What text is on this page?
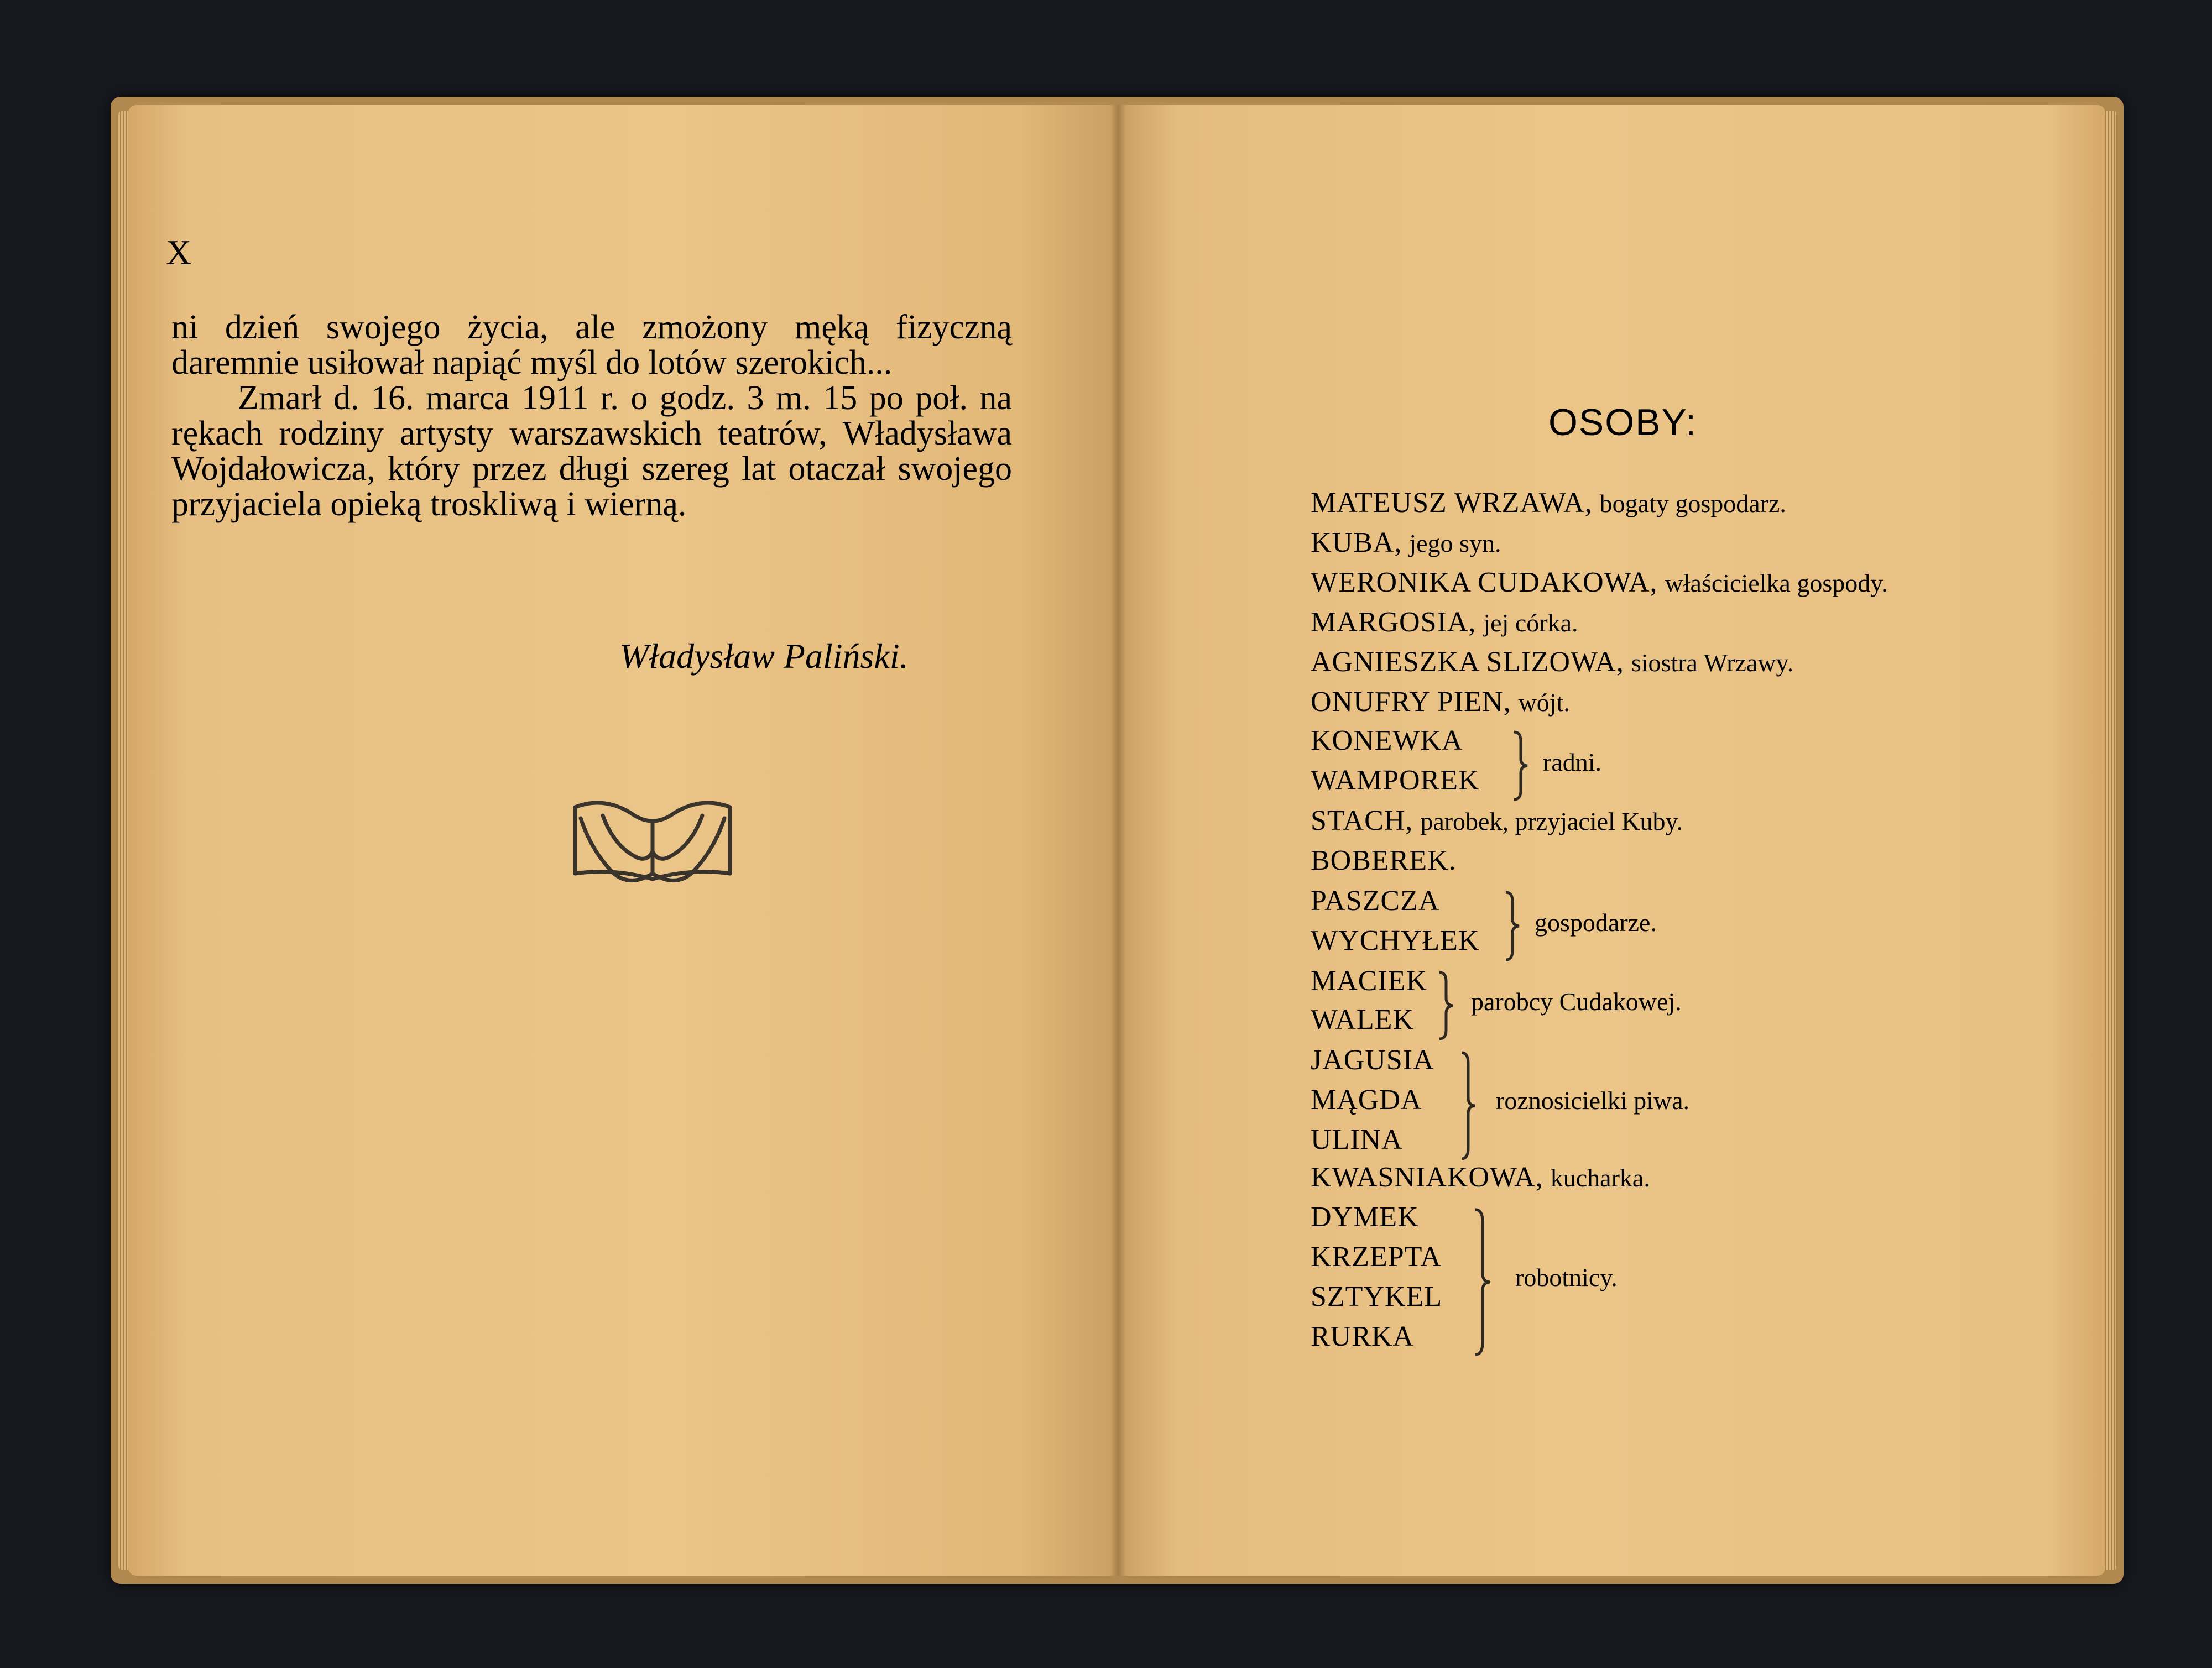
X

ni dzień swojego życia, ale zmożony męką fizyczną daremnie usiłował napiąć myśl do lotów szerokich...

Zmarł d. 16. marca 1911 r. o godz. 3 m. 15 po poł. na rękach rodziny artysty warszawskich teatrów, Władysława Wojdałowicza, który przez długi szereg lat otaczał swojego przyjaciela opieką troskliwą i wierną.

Władysław Paliński.
OSOBY:
MATEUSZ WRZAWA, bogaty gospodarz.
KUBA, jego syn.
WERONIKA CUDAKOWA, właścicielka gospody.
MARGOSIA, jej córka.
AGNIESZKA SLIZOWA, siostra Wrzawy.
ONUFRY PIEN, wójt.
KONEWKA
WAMPOREK
radni.
STACH, parobek, przyjaciel Kuby.
BOBEREK.
PASZCZA
WYCHYŁEK
gospodarze.
MACIEK
WALEK
parobcy Cudakowej.
JAGUSIA
MĄGDA
ULINA
roznosicielki piwa.
KWASNIAKOWA, kucharka.
DYMEK
KRZEPTA
SZTYKEL
RURKA
robotnicy.
